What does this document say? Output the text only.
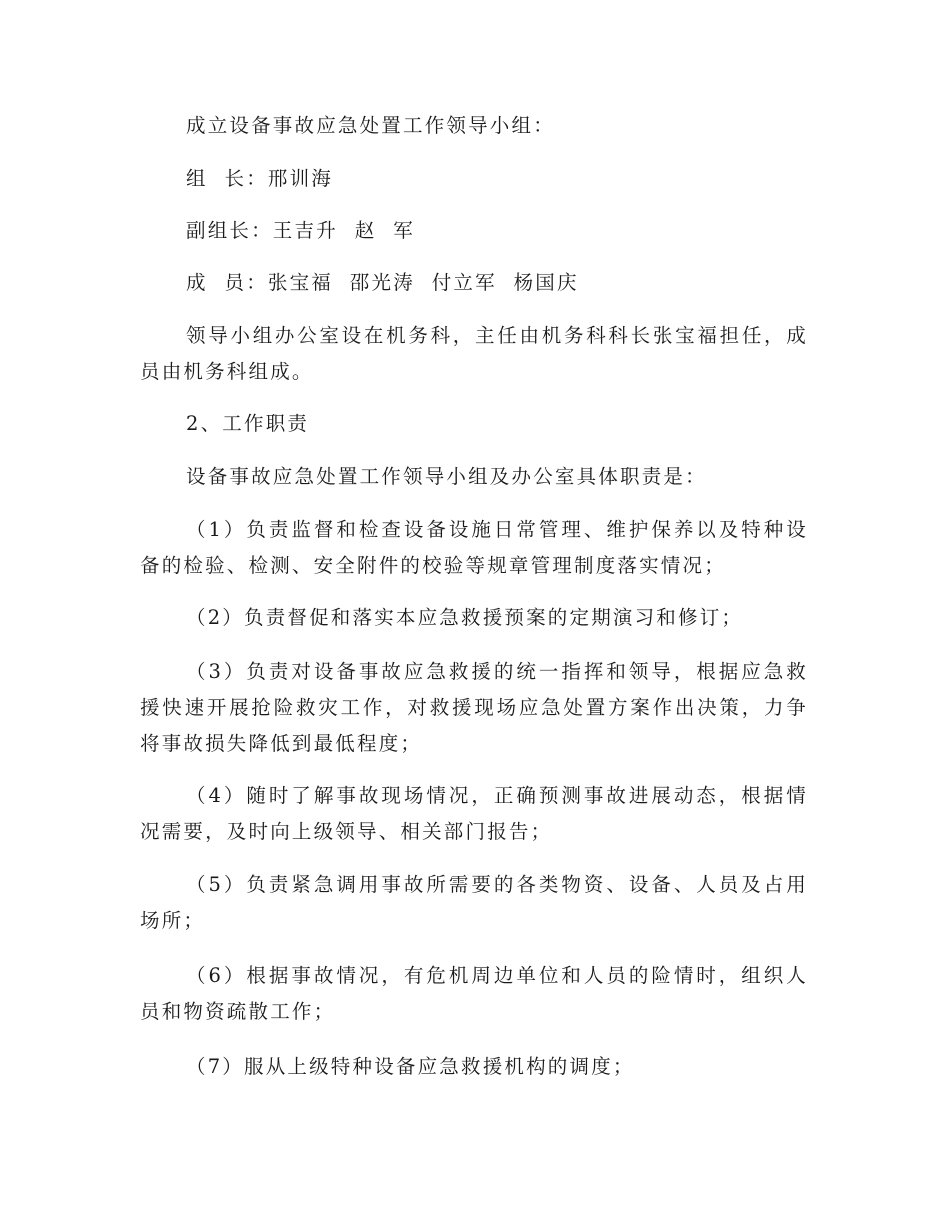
成立设备事故应急处置工作领导小组：

组  长：邢训海

副组长：王吉升  赵  军

成  员：张宝福  邵光涛  付立军  杨国庆

领导小组办公室设在机务科，主任由机务科科长张宝福担任，成员由机务科组成。

2、工作职责

设备事故应急处置工作领导小组及办公室具体职责是：

（1）负责监督和检查设备设施日常管理、维护保养以及特种设备的检验、检测、安全附件的校验等规章管理制度落实情况；

（2）负责督促和落实本应急救援预案的定期演习和修订；

（3）负责对设备事故应急救援的统一指挥和领导，根据应急救援快速开展抢险救灾工作，对救援现场应急处置方案作出决策，力争将事故损失降低到最低程度；

（4）随时了解事故现场情况，正确预测事故进展动态，根据情况需要，及时向上级领导、相关部门报告；

（5）负责紧急调用事故所需要的各类物资、设备、人员及占用场所；

（6）根据事故情况，有危机周边单位和人员的险情时，组织人员和物资疏散工作；

（7）服从上级特种设备应急救援机构的调度；
